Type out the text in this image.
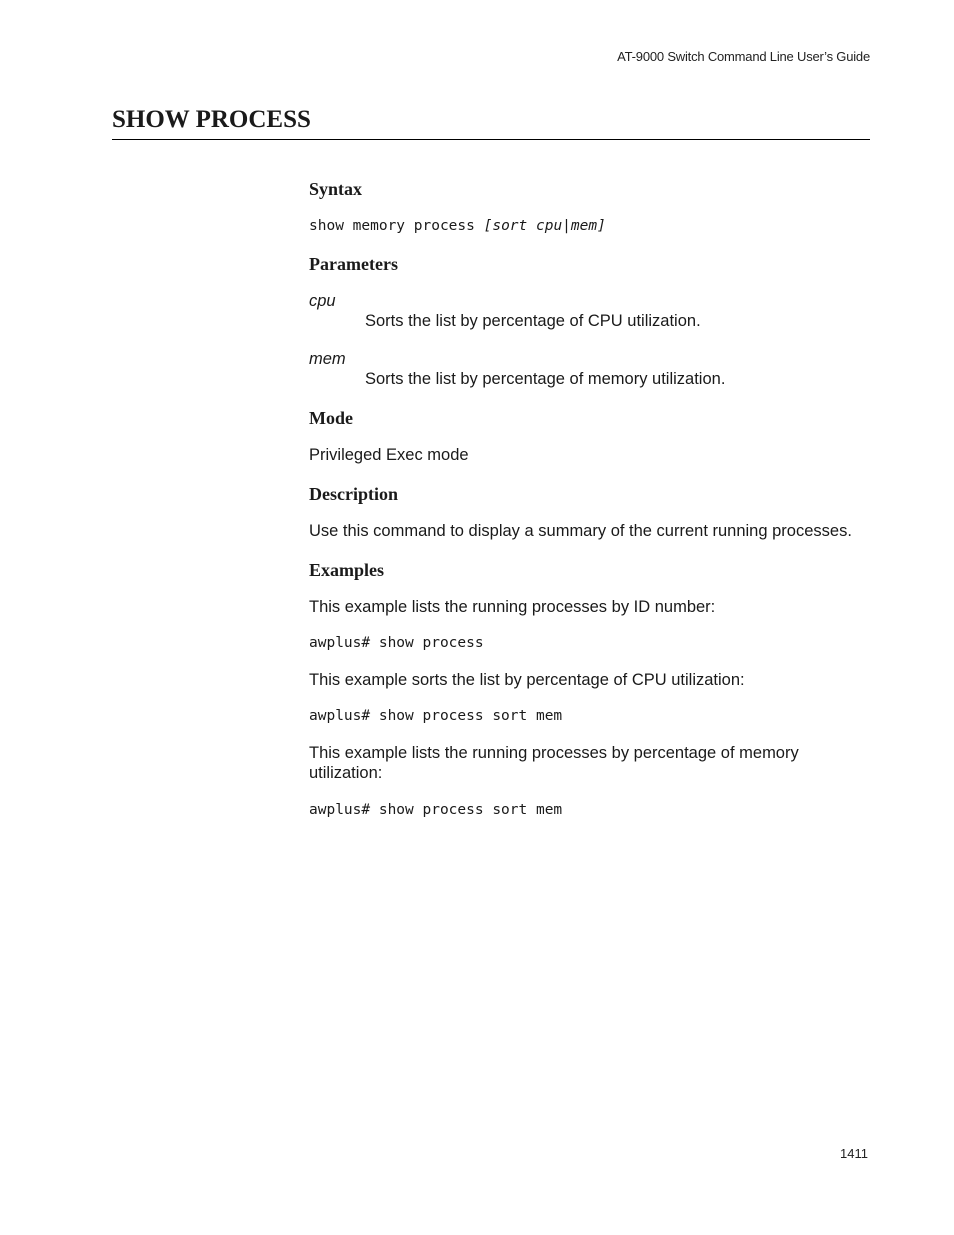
AT-9000 Switch Command Line User’s Guide
SHOW PROCESS
Syntax

show memory process [sort cpu|mem]

Parameters

cpu

Sorts the list by percentage of CPU utilization.

mem

Sorts the list by percentage of memory utilization.

Mode

Privileged Exec mode

Description

Use this command to display a summary of the current running processes.

Examples

This example lists the running processes by ID number:

awplus# show process

This example sorts the list by percentage of CPU utilization:

awplus# show process sort mem

This example lists the running processes by percentage of memory utilization:

awplus# show process sort mem

1411
